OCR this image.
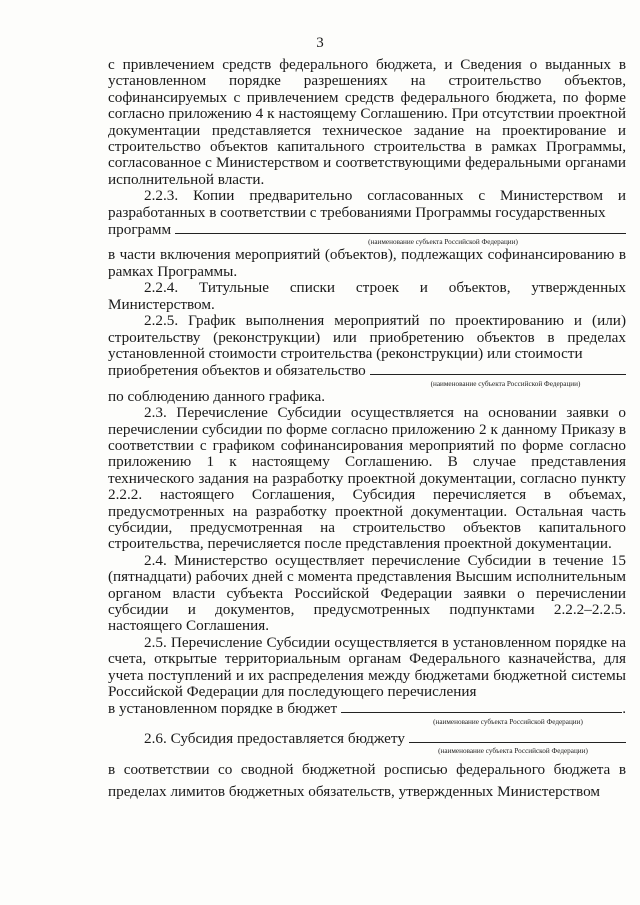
3

с привлечением средств федерального бюджета, и Сведения о выданных в установленном порядке разрешениях на строительство объектов, софинансируемых с привлечением средств федерального бюджета, по форме согласно приложению 4 к настоящему Соглашению. При отсутствии проектной документации представляется техническое задание на проектирование и строительство объектов капитального строительства в рамках Программы, согласованное с Министерством и соответствующими федеральными органами исполнительной власти.

2.2.3. Копии предварительно согласованных с Министерством и разработанных в соответствии с требованиями Программы государственных

программ
(наименование субъекта Российской Федерации)

в части включения мероприятий (объектов), подлежащих софинансированию в рамках Программы.

2.2.4. Титульные списки строек и объектов, утвержденных Министерством.

2.2.5. График выполнения мероприятий по проектированию и (или) строительству (реконструкции) или приобретению объектов в пределах установленной стоимости строительства (реконструкции) или стоимости

приобретения объектов и обязательство
(наименование субъекта Российской Федерации)

по соблюдению данного графика.

2.3. Перечисление Субсидии осуществляется на основании заявки о перечислении субсидии по форме согласно приложению 2 к данному Приказу в соответствии с графиком софинансирования мероприятий по форме согласно приложению 1 к настоящему Соглашению. В случае представления технического задания на разработку проектной документации, согласно пункту 2.2.2. настоящего Соглашения, Субсидия перечисляется в объемах, предусмотренных на разработку проектной документации. Остальная часть субсидии, предусмотренная на строительство объектов капитального строительства, перечисляется после представления проектной документации.

2.4. Министерство осуществляет перечисление Субсидии в течение 15 (пятнадцати) рабочих дней с момента представления Высшим исполнительным органом власти субъекта Российской Федерации заявки о перечислении субсидии и документов, предусмотренных подпунктами 2.2.2–2.2.5. настоящего Соглашения.

2.5. Перечисление Субсидии осуществляется в установленном порядке на счета, открытые территориальным органам Федерального казначейства, для учета поступлений и их распределения между бюджетами бюджетной системы Российской Федерации для последующего перечисления

в установленном порядке в бюджет	.
(наименование субъекта Российской Федерации)
2.6. Субсидия предоставляется бюджету
(наименование субъекта Российской Федерации)

в соответствии со сводной бюджетной росписью федерального бюджета в пределах лимитов бюджетных обязательств, утвержденных Министерством
